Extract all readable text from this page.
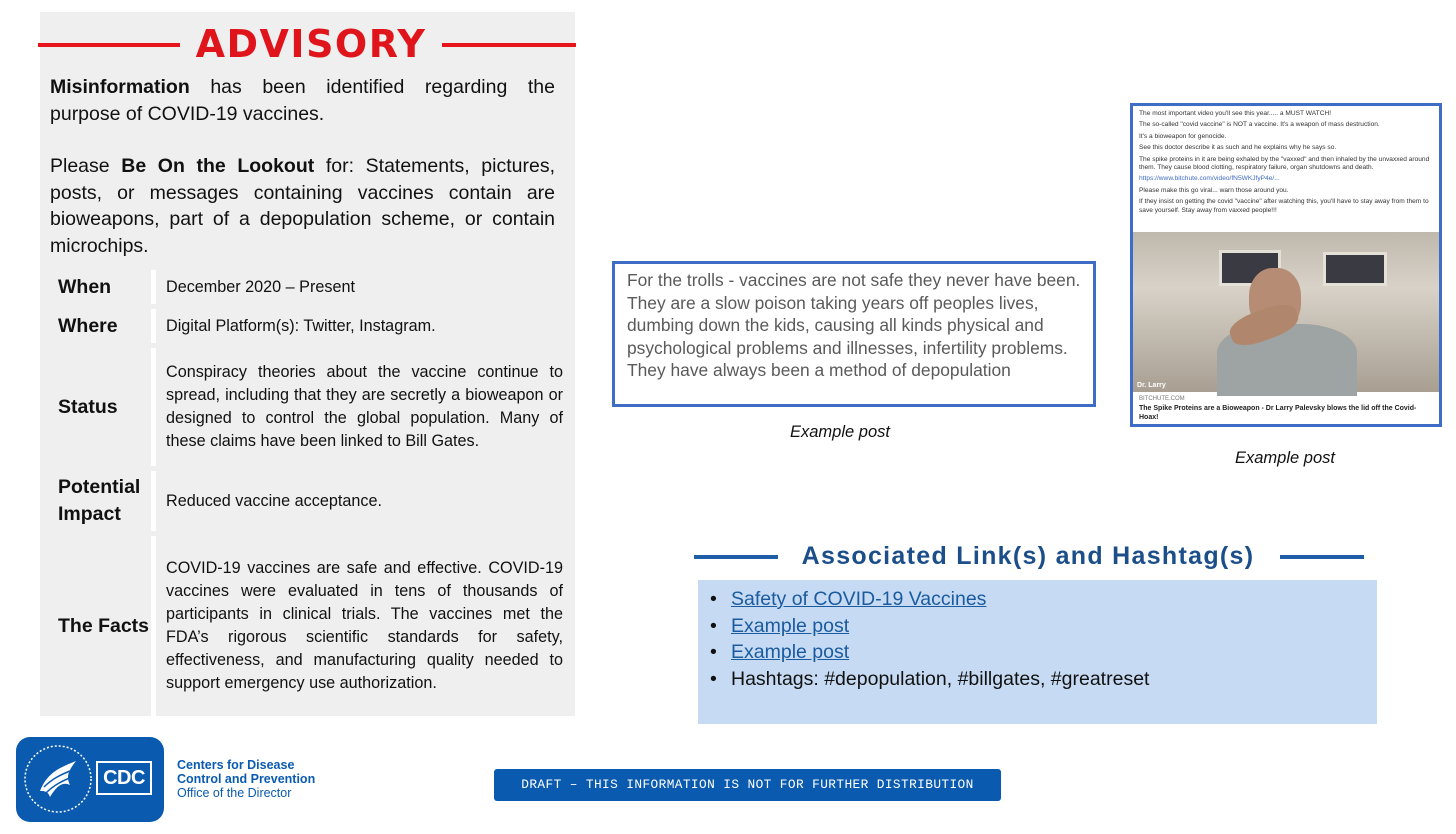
ADVISORY

Misinformation has been identified regarding the purpose of COVID-19 vaccines.

Please Be On the Lookout for: Statements, pictures, posts, or messages containing vaccines contain are bioweapons, part of a depopulation scheme, or contain microchips.

When	December 2020 – Present
Where	Digital Platform(s): Twitter, Instagram.
Status	Conspiracy theories about the vaccine continue to spread, including that they are secretly a bioweapon or designed to control the global population. Many of these claims have been linked to Bill Gates.
Potential Impact	Reduced vaccine acceptance.
The Facts	COVID-19 vaccines are safe and effective. COVID-19 vaccines were evaluated in tens of thousands of participants in clinical trials. The vaccines met the FDA’s rigorous scientific standards for safety, effectiveness, and manufacturing quality needed to support emergency use authorization.
For the trolls - vaccines are not safe they never have been. They are a slow poison taking years off peoples lives, dumbing down the kids, causing all kinds physical and psychological problems and illnesses, infertility problems. They have always been a method of depopulation
Example post
The most important video you'll see this year..... a MUST WATCH!
The so-called "covid vaccine" is NOT a vaccine. It's a weapon of mass destruction.
It's a bioweapon for genocide.
See this doctor describe it as such and he explains why he says so.
The spike proteins in it are being exhaled by the "vaxxed" and then inhaled by the unvaxxed around them. They cause blood clotting, respiratory failure, organ shutdowns and death.
https://www.bitchute.com/video/fN5WKJfyP4e/...
Please make this go viral... warn those around you.
If they insist on getting the covid "vaccine" after watching this, you'll have to stay away from them to save yourself. Stay away from vaxxed people!!!
Dr. Larry
BITCHUTE.COM
The Spike Proteins are a Bioweapon - Dr Larry Palevsky blows the lid off the Covid-Hoax!
Example post
Associated Link(s) and Hashtag(s)
• Safety of COVID-19 Vaccines
• Example post
• Example post
• Hashtags: #depopulation, #billgates, #greatreset
CDC
Centers for Disease
Control and Prevention
Office of the Director
DRAFT – THIS INFORMATION IS NOT FOR FURTHER DISTRIBUTION
